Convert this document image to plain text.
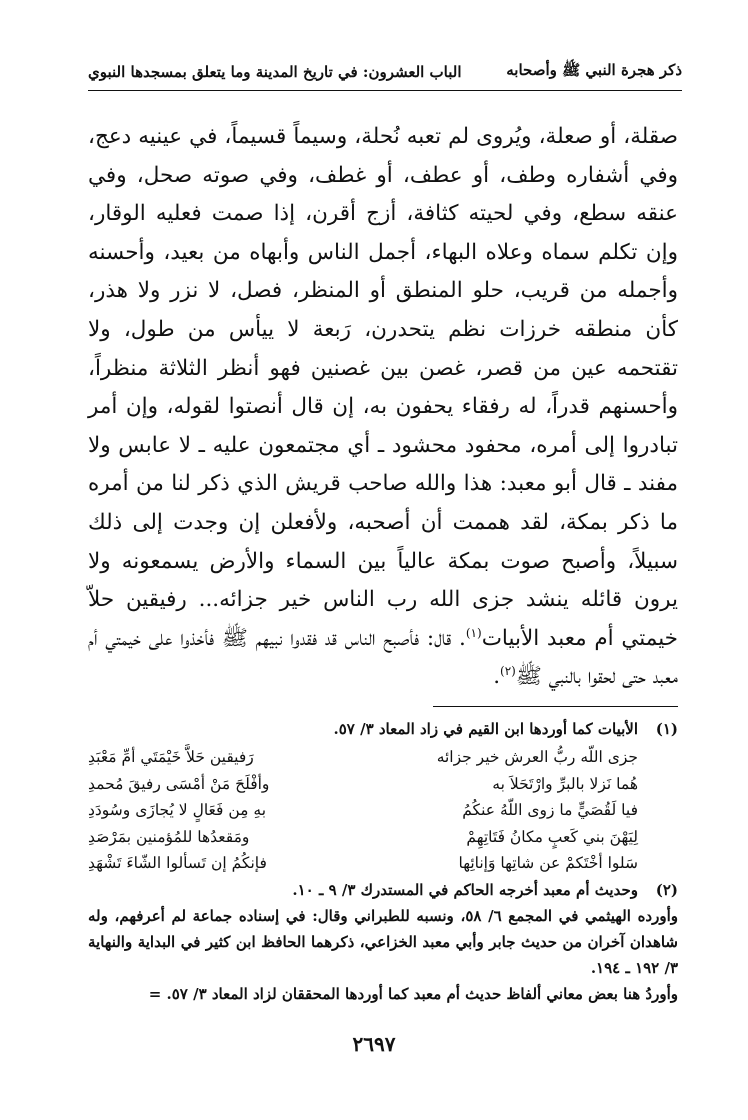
ذكر هجرة النبي ﷺ وأصحابه
الباب العشرون: في تاريخ المدينة وما يتعلق بمسجدها النبوي

صقلة، أو صعلة، ويُروى لم تعبه نُحلة، وسيماً قسيماً، في عينيه دعج، وفي أشفاره وطف، أو عطف، أو غطف، وفي صوته صحل، وفي عنقه سطع، وفي لحيته كثافة، أزج أقرن، إذا صمت فعليه الوقار، وإن تكلم سماه وعلاه البهاء، أجمل الناس وأبهاه من بعيد، وأحسنه وأجمله من قريب، حلو المنطق أو المنظر، فصل، لا نزر ولا هذر، كأن منطقه خرزات نظم يتحدرن، رَبعة لا ييأس من طول، ولا تقتحمه عين من قصر، غصن بين غصنين فهو أنظر الثلاثة منظراً، وأحسنهم قدراً، له رفقاء يحفون به، إن قال أنصتوا لقوله، وإن أمر تبادروا إلى أمره، محفود محشود ـ أي مجتمعون عليه ـ لا عابس ولا مفند ـ قال أبو معبد: هذا والله صاحب قريش الذي ذكر لنا من أمره ما ذكر بمكة، لقد هممت أن أصحبه، ولأفعلن إن وجدت إلى ذلك سبيلاً، وأصبح صوت بمكة عالياً بين السماء والأرض يسمعونه ولا يرون قائله ينشد جزى الله رب الناس خير جزائه... رفيقين حلاّ خيمتي أم معبد الأبيات$^{(١)}$. قال: فأصبح الناس قد فقدوا نبيهم ﷺ فأخذوا على خيمتي أم معبد حتى لحقوا بالنبي ﷺ$^{(٢)}$.

(١)
الأبيات كما أوردها ابن القيم في زاد المعاد ٣/ ٥٧.
جزى اللّه ربُّ العرش خير جزائه
رَفيقين حَلاَّ خَيْمَتَي أمِّ مَعْبَدِ
هُما نَزلا بالبرِّ وارْتَحَلاَ به
وأفْلَحَ مَنْ أمْسَى رفيقَ مُحمدِ
فيا لَقُصَيٍّ ما زوى اللّهُ عنكُمُ
بهِ مِن فَعَالٍ لا يُجازَى وسُودَدِ
لِيَهْنَ بني كَعبٍ مكانُ فَتَاتِهِمْ
ومَقعدُها للمُؤمنين بمَرْصَدِ
سَلوا أخْتَكمْ عن شاتِها وَإنائِها
فإنكُمُ إن تَسألوا الشّاءَ تَشْهَدِ
(٢)
وحديث أم معبد أخرجه الحاكم في المستدرك ٣/ ٩ ـ ١٠.
وأورده الهيثمي في المجمع ٦/ ٥٨، ونسبه للطبراني وقال: في إسناده جماعة لم أعرفهم، وله شاهدان آخران من حديث جابر وأبي معبد الخزاعي، ذكرهما الحافظ ابن كثير في البداية والنهاية ٣/ ١٩٢ ـ ١٩٤.
وأوردُ هنا بعض معاني ألفاظ حديث أم معبد كما أوردها المحققان لزاد المعاد ٣/ ٥٧. =
٢٦٩٧
